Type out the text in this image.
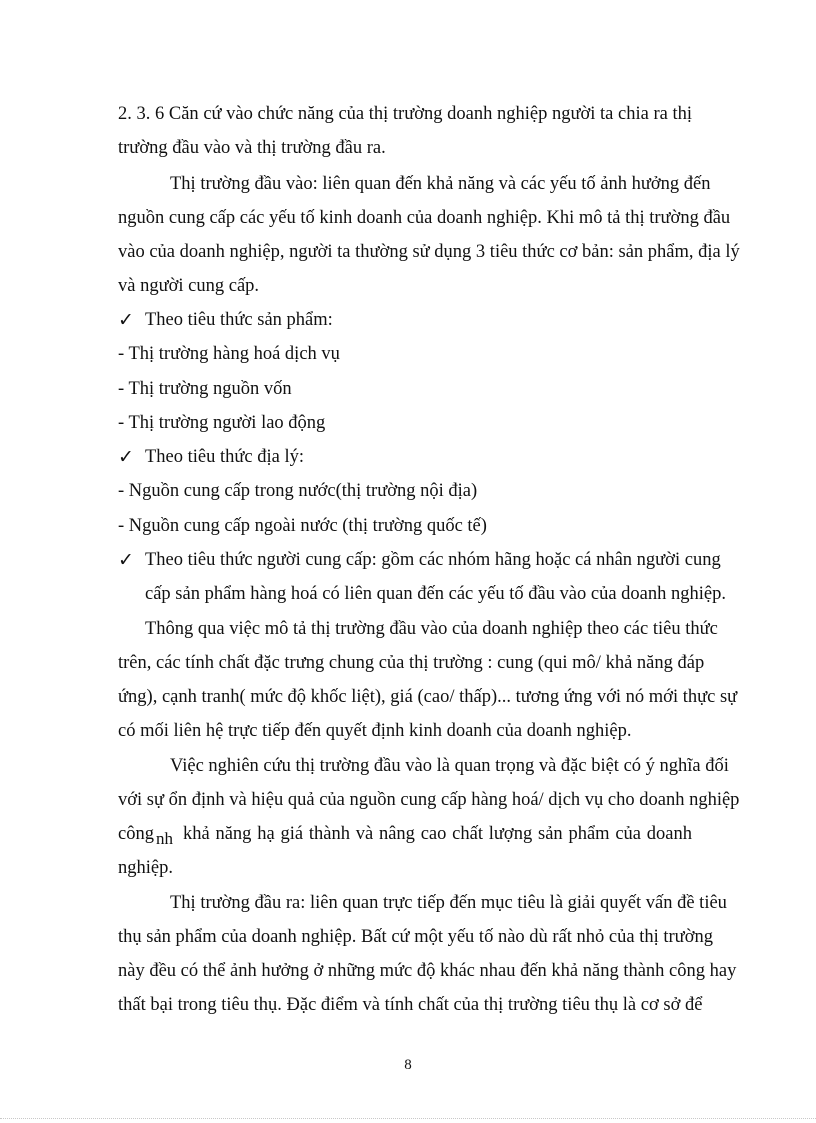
2. 3. 6 Căn cứ vào chức năng của thị trường doanh nghiệp người ta chia ra thị

trường đầu vào và thị trường đầu ra.

Thị trường đầu vào: liên quan đến khả năng và các yếu tố ảnh hưởng đến

nguồn cung cấp các yếu tố kinh doanh của doanh nghiệp. Khi mô tả thị trường đầu

vào của doanh nghiệp, người ta thường sử dụng 3 tiêu thức cơ bản: sản phẩm, địa lý

và người cung cấp.

✓ Theo tiêu thức sản phẩm:

- Thị trường hàng hoá dịch vụ

- Thị trường nguồn vốn

- Thị trường người lao động

✓ Theo tiêu thức địa lý:

- Nguồn cung cấp trong nước(thị trường nội địa)

- Nguồn cung cấp ngoài nước (thị trường quốc tế)

✓ Theo tiêu thức người cung cấp: gồm các nhóm hãng hoặc cá nhân người cung

cấp sản phẩm hàng hoá có liên quan đến các yếu tố đầu vào của doanh nghiệp.

Thông qua việc mô tả thị trường đầu vào của doanh nghiệp theo các tiêu thức

trên, các tính chất đặc trưng chung của thị trường : cung (qui mô/ khả năng đáp

ứng), cạnh tranh( mức độ khốc liệt), giá (cao/ thấp)... tương ứng với nó mới thực sự

có mối liên hệ trực tiếp đến quyết định kinh doanh của doanh nghiệp.

Việc nghiên cứu thị trường đầu vào là quan trọng và đặc biệt có ý nghĩa đối

với sự ổn định và hiệu quả của nguồn cung cấp hàng hoá/ dịch vụ cho doanh nghiệp

công nh khả năng hạ giá thành và nâng cao chất lượng sản phẩm của doanh

nghiệp.

Thị trường đầu ra: liên quan trực tiếp đến mục tiêu là giải quyết vấn đề tiêu

thụ sản phẩm của doanh nghiệp. Bất cứ một yếu tố nào dù rất nhỏ của thị trường

này đều có thể ảnh hưởng ở những mức độ khác nhau đến khả năng thành công hay

thất bại trong tiêu thụ. Đặc điểm và tính chất của thị trường tiêu thụ là cơ sở để

8
